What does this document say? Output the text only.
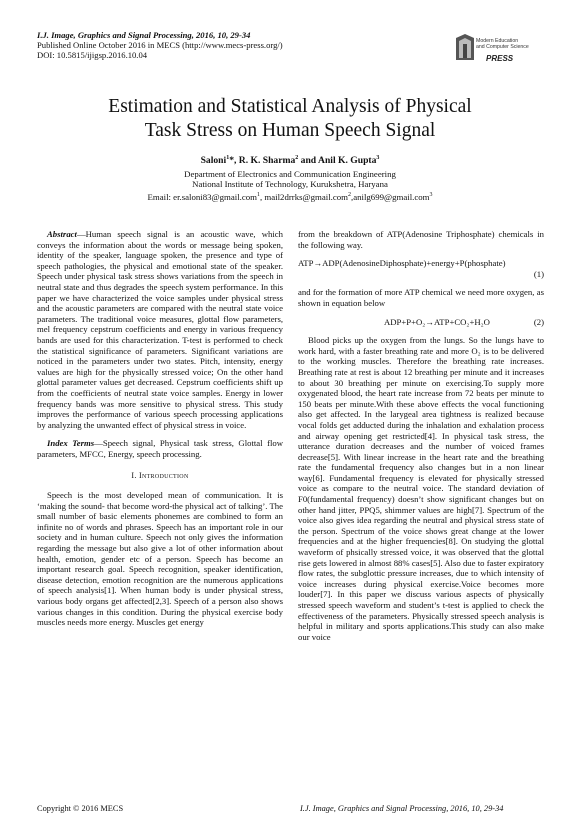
I.J. Image, Graphics and Signal Processing, 2016, 10, 29-34
Published Online October 2016 in MECS (http://www.mecs-press.org/)
DOI: 10.5815/ijigsp.2016.10.04
Modern Education
and Computer Science
PRESS
Estimation and Statistical Analysis of Physical
Task Stress on Human Speech Signal
Saloni$^1$*, R. K. Sharma$^2$ and Anil K. Gupta$^3$
Department of Electronics and Communication Engineering
National Institute of Technology, Kurukshetra, Haryana
Email: er.saloni83@gmail.com$^1$, mail2drrks@gmail.com$^2$,anilg699@gmail.com$^3$

Abstract—Human speech signal is an acoustic wave, which conveys the information about the words or message being spoken, identity of the speaker, language spoken, the presence and type of speech pathologies, the physical and emotional state of the speaker. Speech under physical task stress shows variations from the speech in neutral state and thus degrades the speech system performance. In this paper we have characterized the voice samples under physical stress and the acoustic parameters are compared with the neutral state voice parameters. The traditional voice measures, glottal flow parameters, mel frequency cepstrum coefficients and energy in various frequency bands are used for this characterization. T-test is performed to check the statistical significance of parameters. Significant variations are noticed in the parameters under two states. Pitch, intensity, energy values are high for the physically stressed voice; On the other hand glottal parameter values get decreased. Cepstrum coefficients shift up from the coefficients of neutral state voice samples. Energy in lower frequency bands was more sensitive to physical stress. This study improves the performance of various speech processing applications by analyzing the unwanted effect of physical stress in voice.

Index Terms—Speech signal, Physical task stress, Glottal flow parameters, MFCC, Energy, speech processing.

I. Introduction

Speech is the most developed mean of communication. It is ‘making the sound- that become word-the physical act of talking’. The small number of basic elements phonemes are combined to form an infinite no of words and phrases. Speech has an important role in our society and in human culture. Speech not only gives the information regarding the message but also give a lot of other information about health, emotion, gender etc of a person. Speech has become an important research goal. Speech recognition, speaker identification, disease detection, emotion recognition are the numerous applications of speech analysis[1]. When human body is under physical stress, various body organs get affected[2,3]. Speech of a person also shows various changes in this condition. During the physical exercise body muscles needs more energy. Muscles get energy

from the breakdown of ATP(Adenosine Triphosphate) chemicals in the following way.

ATP→ADP(AdenosineDiphosphate)+energy+P(phosphate)

(1)

and for the formation of more ATP chemical we need more oxygen, as shown in equation below

ADP+P+O₂→ATP+CO₂+H₂O	(2)

Blood picks up the oxygen from the lungs. So the lungs have to work hard, with a faster breathing rate and more O₂ is to be delivered to the working muscles. Therefore the breathing rate increases. Breathing rate at rest is about 12 breathing per minute and it increases to about 30 breathing per minute on exercising.To supply more oxygenated blood, the heart rate increase from 72 beats per minute to 150 beats per minute.With these above effects the vocal functioning also get affected. In the larygeal area tightness is realized because vocal folds get adducted during the inhalation and exhalation process and airway opening get restricted[4]. In physical task stress, the utterance duration decreases and the number of voiced frames decrease[5]. With linear increase in the heart rate and the breathing rate the fundamental frequency also changes but in a non linear way[6]. Fundamental frequency is elevated for physically stressed voice as compare to the neutral voice. The standard deviation of F0(fundamental frequency) doesn’t show significant changes but on other hand jitter, PPQ5, shimmer values are high[7]. Spectrum of the voice also gives idea regarding the neutral and physical stress state of the person. Spectrum of the voice shows great change at the lower frequencies and at the higher frequencies[8]. On studying the glottal waveform of phsically stressed voice, it was observed that the glottal rise gets lowered in almost 88% cases[5]. Also due to faster expiratory flow rates, the subglottic pressure increases, due to which intensity of voice increases during physical exercise.Voice becomes more louder[7]. In this paper we discuss various aspects of physically stressed speech waveform and student’s t-test is applied to check the effectiveness of the parameters. Physically stressed speech analysis is helpful in military and sports applications.This study can also make our voice

Copyright © 2016 MECS	I.J. Image, Graphics and Signal Processing, 2016, 10, 29-34
